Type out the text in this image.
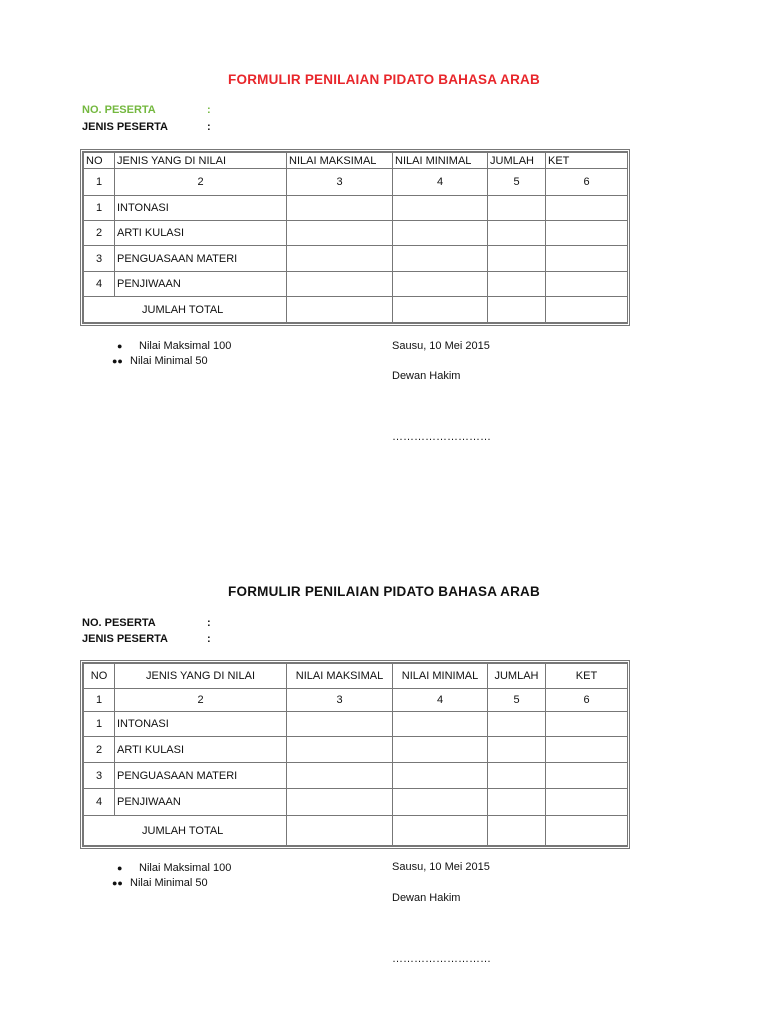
FORMULIR PENILAIAN PIDATO BAHASA ARAB
NO. PESERTA	:
JENIS PESERTA	:
NO	JENIS YANG DI NILAI	NILAI MAKSIMAL	NILAI MINIMAL	JUMLAH	KET
1	2	3	4	5	6
1	INTONASI				
2	ARTI KULASI				
3	PENGUASAAN MATERI				
4	PENJIWAAN				
JUMLAH TOTAL					
● Nilai Maksimal 100
●● Nilai Minimal 50
Sausu, 10 Mei 2015
Dewan Hakim
………………………
FORMULIR PENILAIAN PIDATO BAHASA ARAB
NO. PESERTA	:
JENIS PESERTA	:
NO	JENIS YANG DI NILAI	NILAI MAKSIMAL	NILAI MINIMAL	JUMLAH	KET
1	2	3	4	5	6
1	INTONASI				
2	ARTI KULASI				
3	PENGUASAAN MATERI				
4	PENJIWAAN				
JUMLAH TOTAL					
● Nilai Maksimal 100
●● Nilai Minimal 50
Sausu, 10 Mei 2015
Dewan Hakim
………………………
